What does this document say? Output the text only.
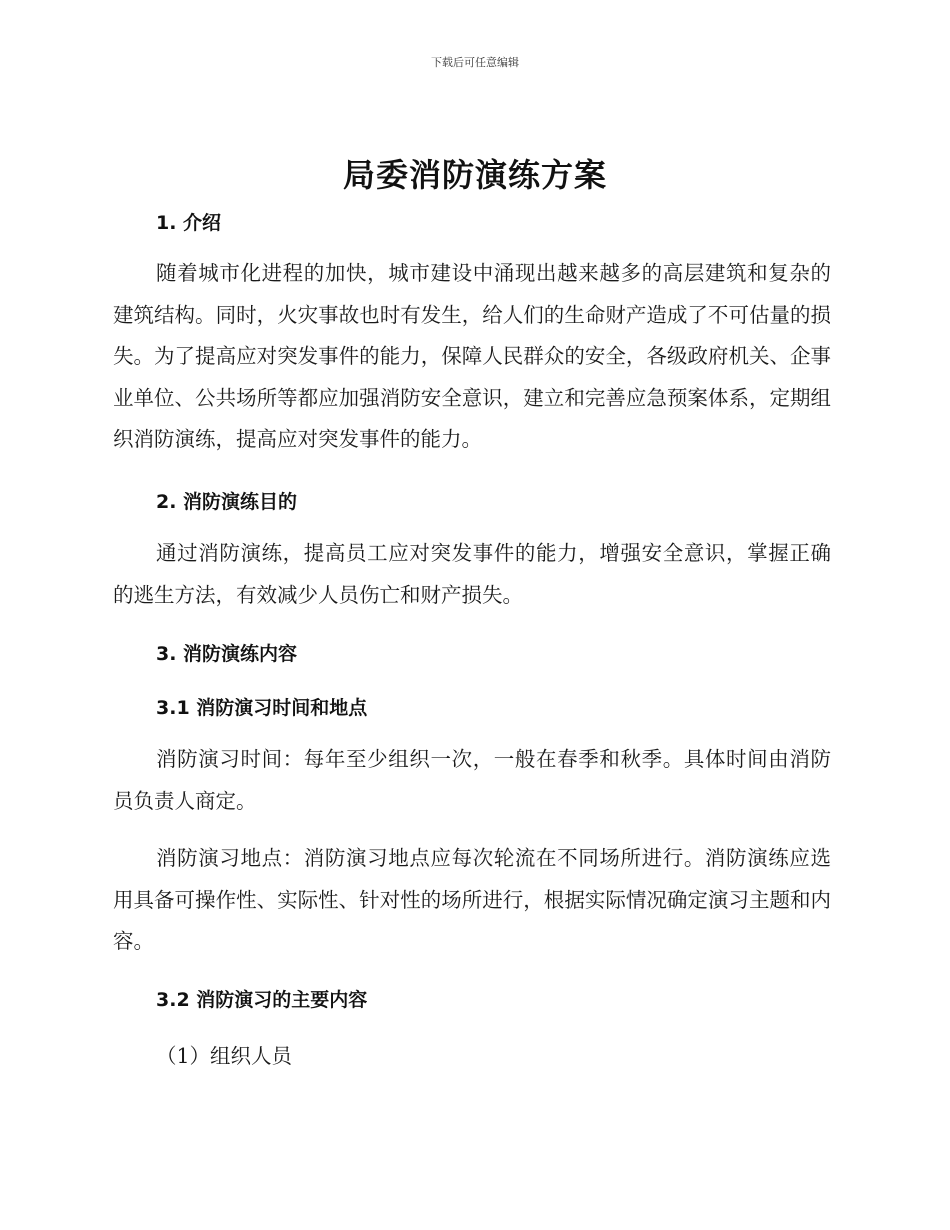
下载后可任意编辑
局委消防演练方案
1. 介绍
随着城市化进程的加快，城市建设中涌现出越来越多的高层建筑和复杂的建筑结构。同时，火灾事故也时有发生，给人们的生命财产造成了不可估量的损失。为了提高应对突发事件的能力，保障人民群众的安全，各级政府机关、企事业单位、公共场所等都应加强消防安全意识，建立和完善应急预案体系，定期组织消防演练，提高应对突发事件的能力。
2. 消防演练目的
通过消防演练，提高员工应对突发事件的能力，增强安全意识，掌握正确的逃生方法，有效减少人员伤亡和财产损失。
3. 消防演练内容
3.1 消防演习时间和地点
消防演习时间：每年至少组织一次，一般在春季和秋季。具体时间由消防员负责人商定。
消防演习地点：消防演习地点应每次轮流在不同场所进行。消防演练应选用具备可操作性、实际性、针对性的场所进行，根据实际情况确定演习主题和内容。
3.2 消防演习的主要内容
（1）组织人员
